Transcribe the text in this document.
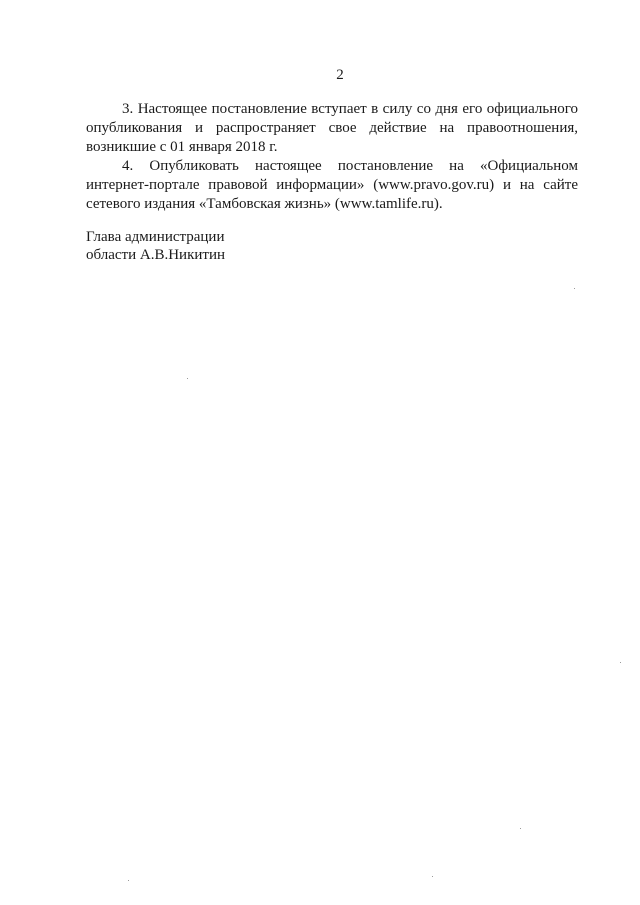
2

3. Настоящее постановление вступает в силу со дня его официального опубликования и распространяет свое действие на правоотношения, возникшие с 01 января 2018 г.

4. Опубликовать настоящее постановление на «Официальном интернет-портале правовой информации» (www.pravo.gov.ru) и на сайте сетевого издания «Тамбовская жизнь» (www.tamlife.ru).

Глава администрации
области А.В.Никитин
